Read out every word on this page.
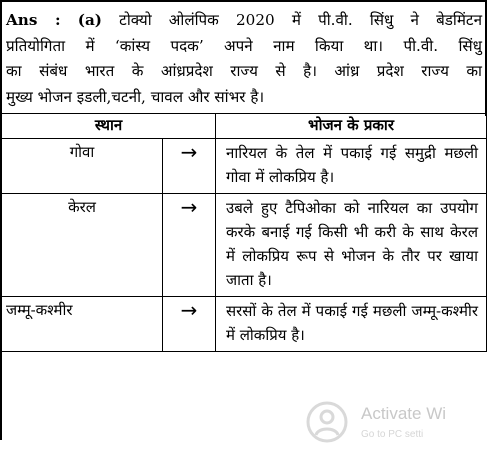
Ans : (a) टोक्यो ओलंपिक 2020 में पी.वी. सिंधु ने बेडमिंटन
प्रतियोगिता में ‘कांस्य पदक’ अपने नाम किया था। पी.वी. सिंधु
का संबंध भारत के आंध्रप्रदेश राज्य से है। आंध्र प्रदेश राज्य का
मुख्य भोजन इडली,चटनी, चावल और सांभर है।
स्थान		भोजन के प्रकार
गोवा	→	नारियल के तेल में पकाई गई समुद्री मछली गोवा में लोकप्रिय है।
केरल	→	उबले हुए टैपिओका को नारियल का उपयोग करके बनाई गई किसी भी करी के साथ केरल में लोकप्रिय रूप से भोजन के तौर पर खाया जाता है।
जम्मू-कश्मीर	→	सरसों के तेल में पकाई गई मछली जम्मू-कश्मीर में लोकप्रिय है।
Activate Wi
Go to PC setti
